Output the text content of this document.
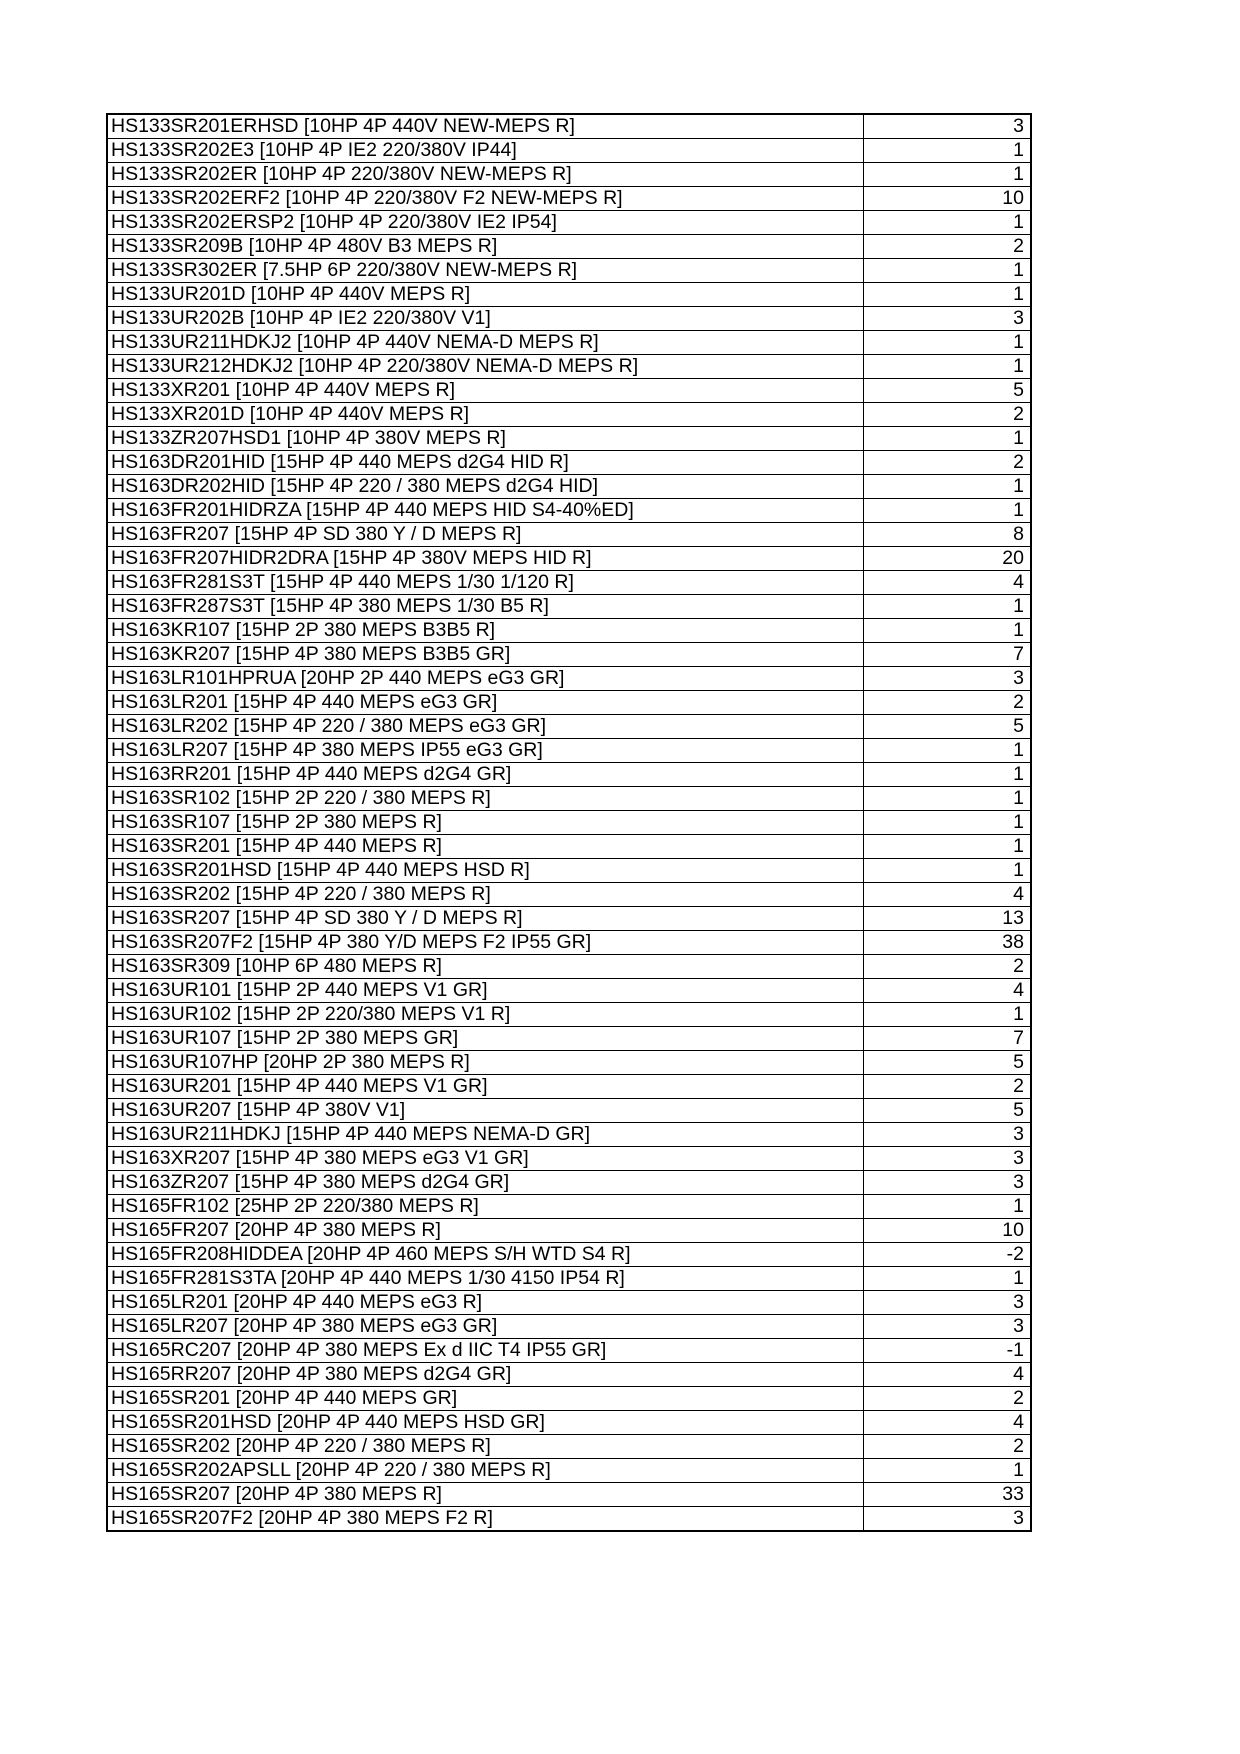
HS133SR201ERHSD [10HP 4P 440V NEW-MEPS R]	3
HS133SR202E3 [10HP 4P IE2 220/380V IP44]	1
HS133SR202ER [10HP 4P 220/380V NEW-MEPS R]	1
HS133SR202ERF2 [10HP 4P 220/380V F2 NEW-MEPS R]	10
HS133SR202ERSP2 [10HP 4P 220/380V IE2 IP54]	1
HS133SR209B [10HP 4P 480V B3 MEPS R]	2
HS133SR302ER [7.5HP 6P 220/380V NEW-MEPS R]	1
HS133UR201D [10HP 4P 440V MEPS R]	1
HS133UR202B [10HP 4P IE2 220/380V V1]	3
HS133UR211HDKJ2 [10HP 4P 440V NEMA-D MEPS R]	1
HS133UR212HDKJ2 [10HP 4P 220/380V NEMA-D MEPS R]	1
HS133XR201 [10HP 4P 440V MEPS R]	5
HS133XR201D [10HP 4P 440V MEPS R]	2
HS133ZR207HSD1 [10HP 4P 380V MEPS R]	1
HS163DR201HID [15HP 4P 440 MEPS d2G4 HID R]	2
HS163DR202HID [15HP 4P 220 / 380 MEPS d2G4 HID]	1
HS163FR201HIDRZA [15HP 4P 440 MEPS HID S4-40%ED]	1
HS163FR207 [15HP 4P SD 380 Y / D MEPS R]	8
HS163FR207HIDR2DRA [15HP 4P 380V MEPS HID R]	20
HS163FR281S3T [15HP 4P 440 MEPS 1/30 1/120 R]	4
HS163FR287S3T [15HP 4P 380 MEPS 1/30 B5 R]	1
HS163KR107 [15HP 2P 380 MEPS B3B5 R]	1
HS163KR207 [15HP 4P 380 MEPS B3B5 GR]	7
HS163LR101HPRUA [20HP 2P 440 MEPS eG3 GR]	3
HS163LR201 [15HP 4P 440 MEPS eG3 GR]	2
HS163LR202 [15HP 4P 220 / 380 MEPS eG3 GR]	5
HS163LR207 [15HP 4P 380 MEPS IP55 eG3 GR]	1
HS163RR201 [15HP 4P 440 MEPS d2G4 GR]	1
HS163SR102 [15HP 2P 220 / 380 MEPS R]	1
HS163SR107 [15HP 2P 380 MEPS R]	1
HS163SR201 [15HP 4P 440 MEPS R]	1
HS163SR201HSD [15HP 4P 440 MEPS HSD R]	1
HS163SR202 [15HP 4P 220 / 380 MEPS R]	4
HS163SR207 [15HP 4P SD 380 Y / D MEPS R]	13
HS163SR207F2 [15HP 4P 380 Y/D MEPS F2 IP55 GR]	38
HS163SR309 [10HP 6P 480 MEPS R]	2
HS163UR101 [15HP 2P 440 MEPS V1 GR]	4
HS163UR102 [15HP 2P 220/380 MEPS V1 R]	1
HS163UR107 [15HP 2P 380 MEPS GR]	7
HS163UR107HP [20HP 2P 380 MEPS R]	5
HS163UR201 [15HP 4P 440 MEPS V1 GR]	2
HS163UR207 [15HP 4P 380V V1]	5
HS163UR211HDKJ [15HP 4P 440 MEPS NEMA-D GR]	3
HS163XR207 [15HP 4P 380 MEPS eG3 V1 GR]	3
HS163ZR207 [15HP 4P 380 MEPS d2G4 GR]	3
HS165FR102 [25HP 2P 220/380 MEPS R]	1
HS165FR207 [20HP 4P 380 MEPS R]	10
HS165FR208HIDDEA [20HP 4P 460 MEPS S/H WTD S4 R]	-2
HS165FR281S3TA [20HP 4P 440 MEPS 1/30 4150 IP54 R]	1
HS165LR201 [20HP 4P 440 MEPS eG3 R]	3
HS165LR207 [20HP 4P 380 MEPS eG3 GR]	3
HS165RC207 [20HP 4P 380 MEPS Ex d IIC T4 IP55 GR]	-1
HS165RR207 [20HP 4P 380 MEPS d2G4 GR]	4
HS165SR201 [20HP 4P 440 MEPS GR]	2
HS165SR201HSD [20HP 4P 440 MEPS HSD GR]	4
HS165SR202 [20HP 4P 220 / 380 MEPS R]	2
HS165SR202APSLL [20HP 4P 220 / 380 MEPS R]	1
HS165SR207 [20HP 4P 380 MEPS R]	33
HS165SR207F2 [20HP 4P 380 MEPS F2 R]	3
